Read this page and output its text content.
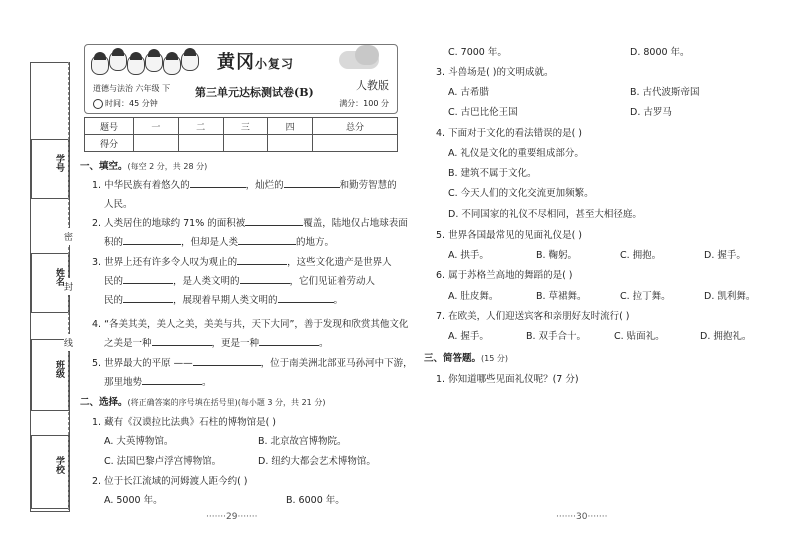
学号
姓名
班级
学校
密
封
线
黄冈小复习
道德与法治 六年级 下
时间：45 分钟
第三单元达标测试卷(B)
人教版
满分：100 分
题号	一	二	三	四	总分
得分					
一、填空。(每空 2 分，共 28 分)
1. 中华民族有着悠久的	，灿烂的	和勤劳智慧的
人民。
2. 人类居住的地球约 71% 的面积被	覆盖，陆地仅占地球表面
积的	，但却是人类	的地方。
3. 世界上还有许多令人叹为观止的	，这些文化遗产是世界人
民的	，是人类文明的	，它们见证着劳动人
民的	，展现着早期人类文明的	。
4. “各美其美，美人之美，美美与共，天下大同”，善于发现和欣赏其他文化
之美是一种	，更是一种	。
5. 世界最大的平原 ——	，位于南美洲北部亚马孙河中下游，
那里地势	。
二、选择。(将正确答案的序号填在括号里)(每小题 3 分，共 21 分)
1. 藏有《汉谟拉比法典》石柱的博物馆是( )
A. 大英博物馆。	B. 北京故宫博物院。
C. 法国巴黎卢浮宫博物馆。	D. 纽约大都会艺术博物馆。
2. 位于长江流域的河姆渡人距今约( )
A. 5000 年。	B. 6000 年。
C. 7000 年。	D. 8000 年。
3. 斗兽场是( )的文明成就。
A. 古希腊	B. 古代波斯帝国
C. 古巴比伦王国	D. 古罗马
4. 下面对于文化的看法错误的是( )
A. 礼仪是文化的重要组成部分。
B. 建筑不属于文化。
C. 今天人们的文化交流更加频繁。
D. 不同国家的礼仪不尽相同，甚至大相径庭。
5. 世界各国最常见的见面礼仪是( )
A. 拱手。	B. 鞠躬。	C. 拥抱。	D. 握手。
6. 属于苏格兰高地的舞蹈的是( )
A. 肚皮舞。	B. 草裙舞。	C. 拉丁舞。	D. 凯利舞。
7. 在欧美，人们迎送宾客和亲朋好友时流行( )
A. 握手。	B. 双手合十。	C. 贴面礼。	D. 拥抱礼。
三、简答题。(15 分)
1. 你知道哪些见面礼仪呢？(7 分)
·······29·······	·······30·······
